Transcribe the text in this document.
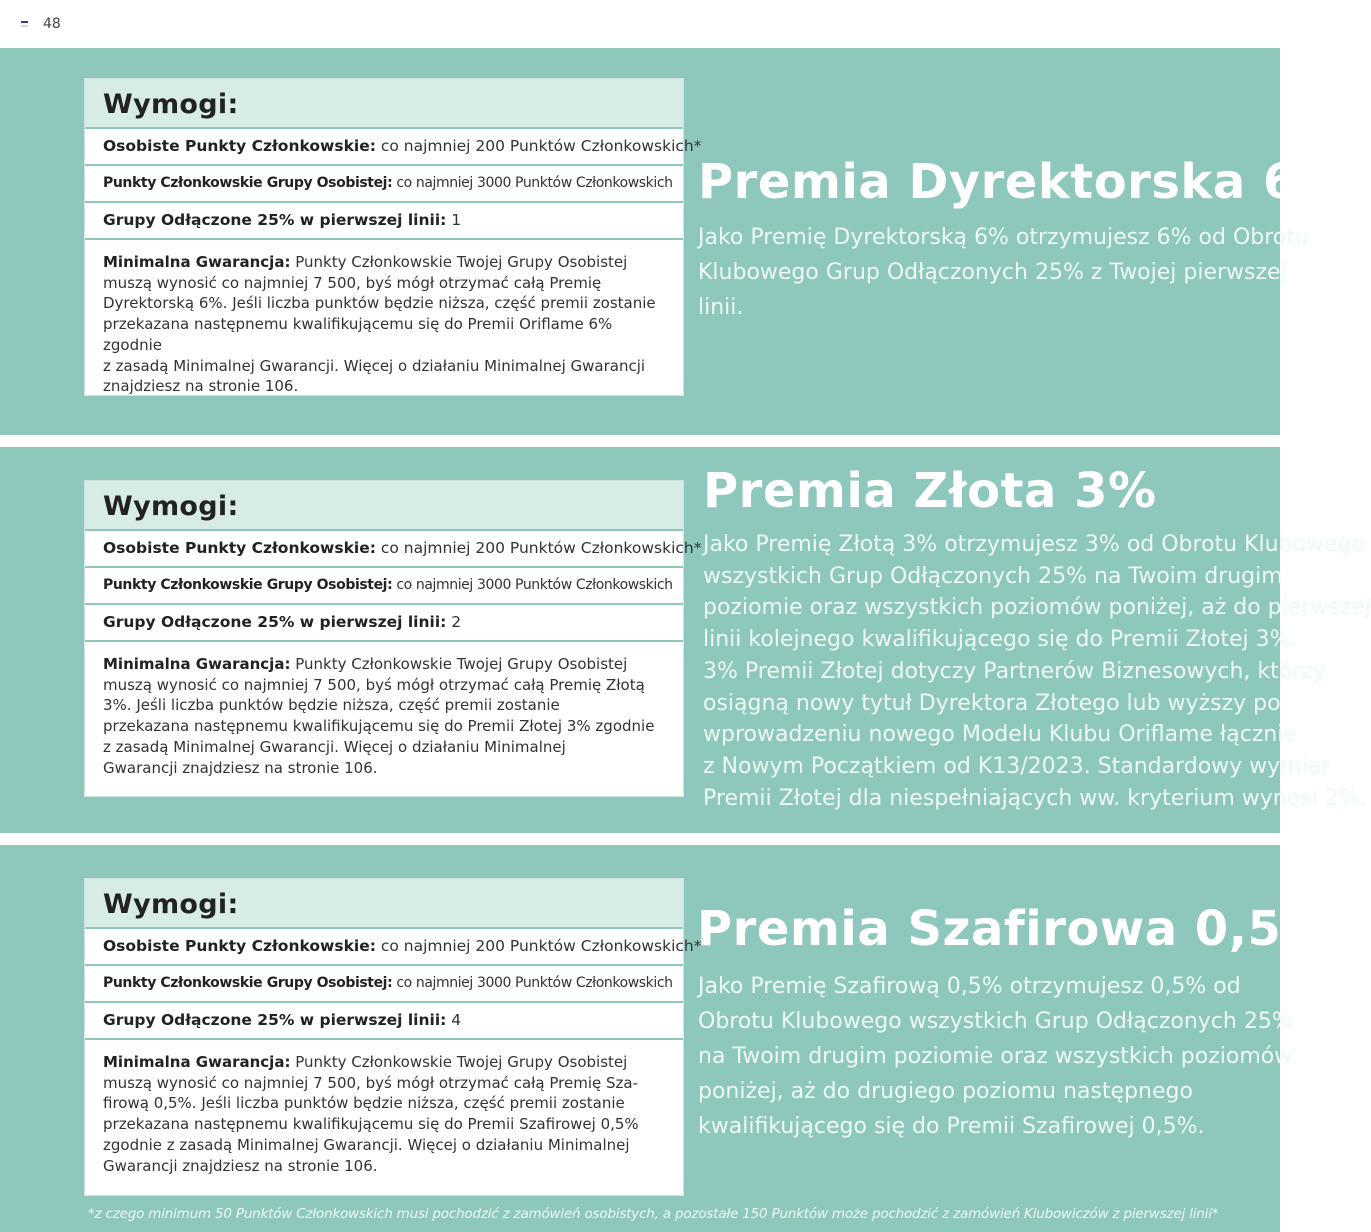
48
Wymogi:
Osobiste Punkty Członkowskie: co najmniej 200 Punktów Członkowskich*
Punkty Członkowskie Grupy Osobistej: co najmniej 3000 Punktów Członkowskich
Grupy Odłączone 25% w pierwszej linii: 1
Minimalna Gwarancja: Punkty Członkowskie Twojej Grupy Osobistej
muszą wynosić co najmniej 7 500, byś mógł otrzymać całą Premię
Dyrektorską 6%. Jeśli liczba punktów będzie niższa, część premii zostanie
przekazana następnemu kwalifikującemu się do Premii Oriflame 6% zgodnie
z zasadą Minimalnej Gwarancji. Więcej o działaniu Minimalnej Gwarancji
znajdziesz na stronie 106.
Premia Dyrektorska 6%
Jako Premię Dyrektorską 6% otrzymujesz 6% od Obrotu
Klubowego Grup Odłączonych 25% z Twojej pierwszej
linii.
Wymogi:
Osobiste Punkty Członkowskie: co najmniej 200 Punktów Członkowskich*
Punkty Członkowskie Grupy Osobistej: co najmniej 3000 Punktów Członkowskich
Grupy Odłączone 25% w pierwszej linii: 2
Minimalna Gwarancja: Punkty Członkowskie Twojej Grupy Osobistej
muszą wynosić co najmniej 7 500, byś mógł otrzymać całą Premię Złotą
3%. Jeśli liczba punktów będzie niższa, część premii zostanie
przekazana następnemu kwalifikującemu się do Premii Złotej 3% zgodnie
z zasadą Minimalnej Gwarancji. Więcej o działaniu Minimalnej
Gwarancji znajdziesz na stronie 106.
Premia Złota 3%
Jako Premię Złotą 3% otrzymujesz 3% od Obrotu Klubowego
wszystkich Grup Odłączonych 25% na Twoim drugim
poziomie oraz wszystkich poziomów poniżej, aż do pierwszej
linii kolejnego kwalifikującego się do Premii Złotej 3%.
3% Premii Złotej dotyczy Partnerów Biznesowych, którzy
osiągną nowy tytuł Dyrektora Złotego lub wyższy po
wprowadzeniu nowego Modelu Klubu Oriflame łącznie
z Nowym Początkiem od K13/2023. Standardowy wymiar
Premii Złotej dla niespełniających ww. kryterium wynosi 2%.
Wymogi:
Osobiste Punkty Członkowskie: co najmniej 200 Punktów Członkowskich*
Punkty Członkowskie Grupy Osobistej: co najmniej 3000 Punktów Członkowskich
Grupy Odłączone 25% w pierwszej linii: 4
Minimalna Gwarancja: Punkty Członkowskie Twojej Grupy Osobistej
muszą wynosić co najmniej 7 500, byś mógł otrzymać całą Premię Sza-
firową 0,5%. Jeśli liczba punktów będzie niższa, część premii zostanie
przekazana następnemu kwalifikującemu się do Premii Szafirowej 0,5%
zgodnie z zasadą Minimalnej Gwarancji. Więcej o działaniu Minimalnej
Gwarancji znajdziesz na stronie 106.
Premia Szafirowa 0,5%
Jako Premię Szafirową 0,5% otrzymujesz 0,5% od
Obrotu Klubowego wszystkich Grup Odłączonych 25%
na Twoim drugim poziomie oraz wszystkich poziomów
poniżej, aż do drugiego poziomu następnego
kwalifikującego się do Premii Szafirowej 0,5%.
*z czego minimum 50 Punktów Członkowskich musi pochodzić z zamówień osobistych, a pozostałe 150 Punktów może pochodzić z zamówień Klubowiczów z pierwszej linii*
